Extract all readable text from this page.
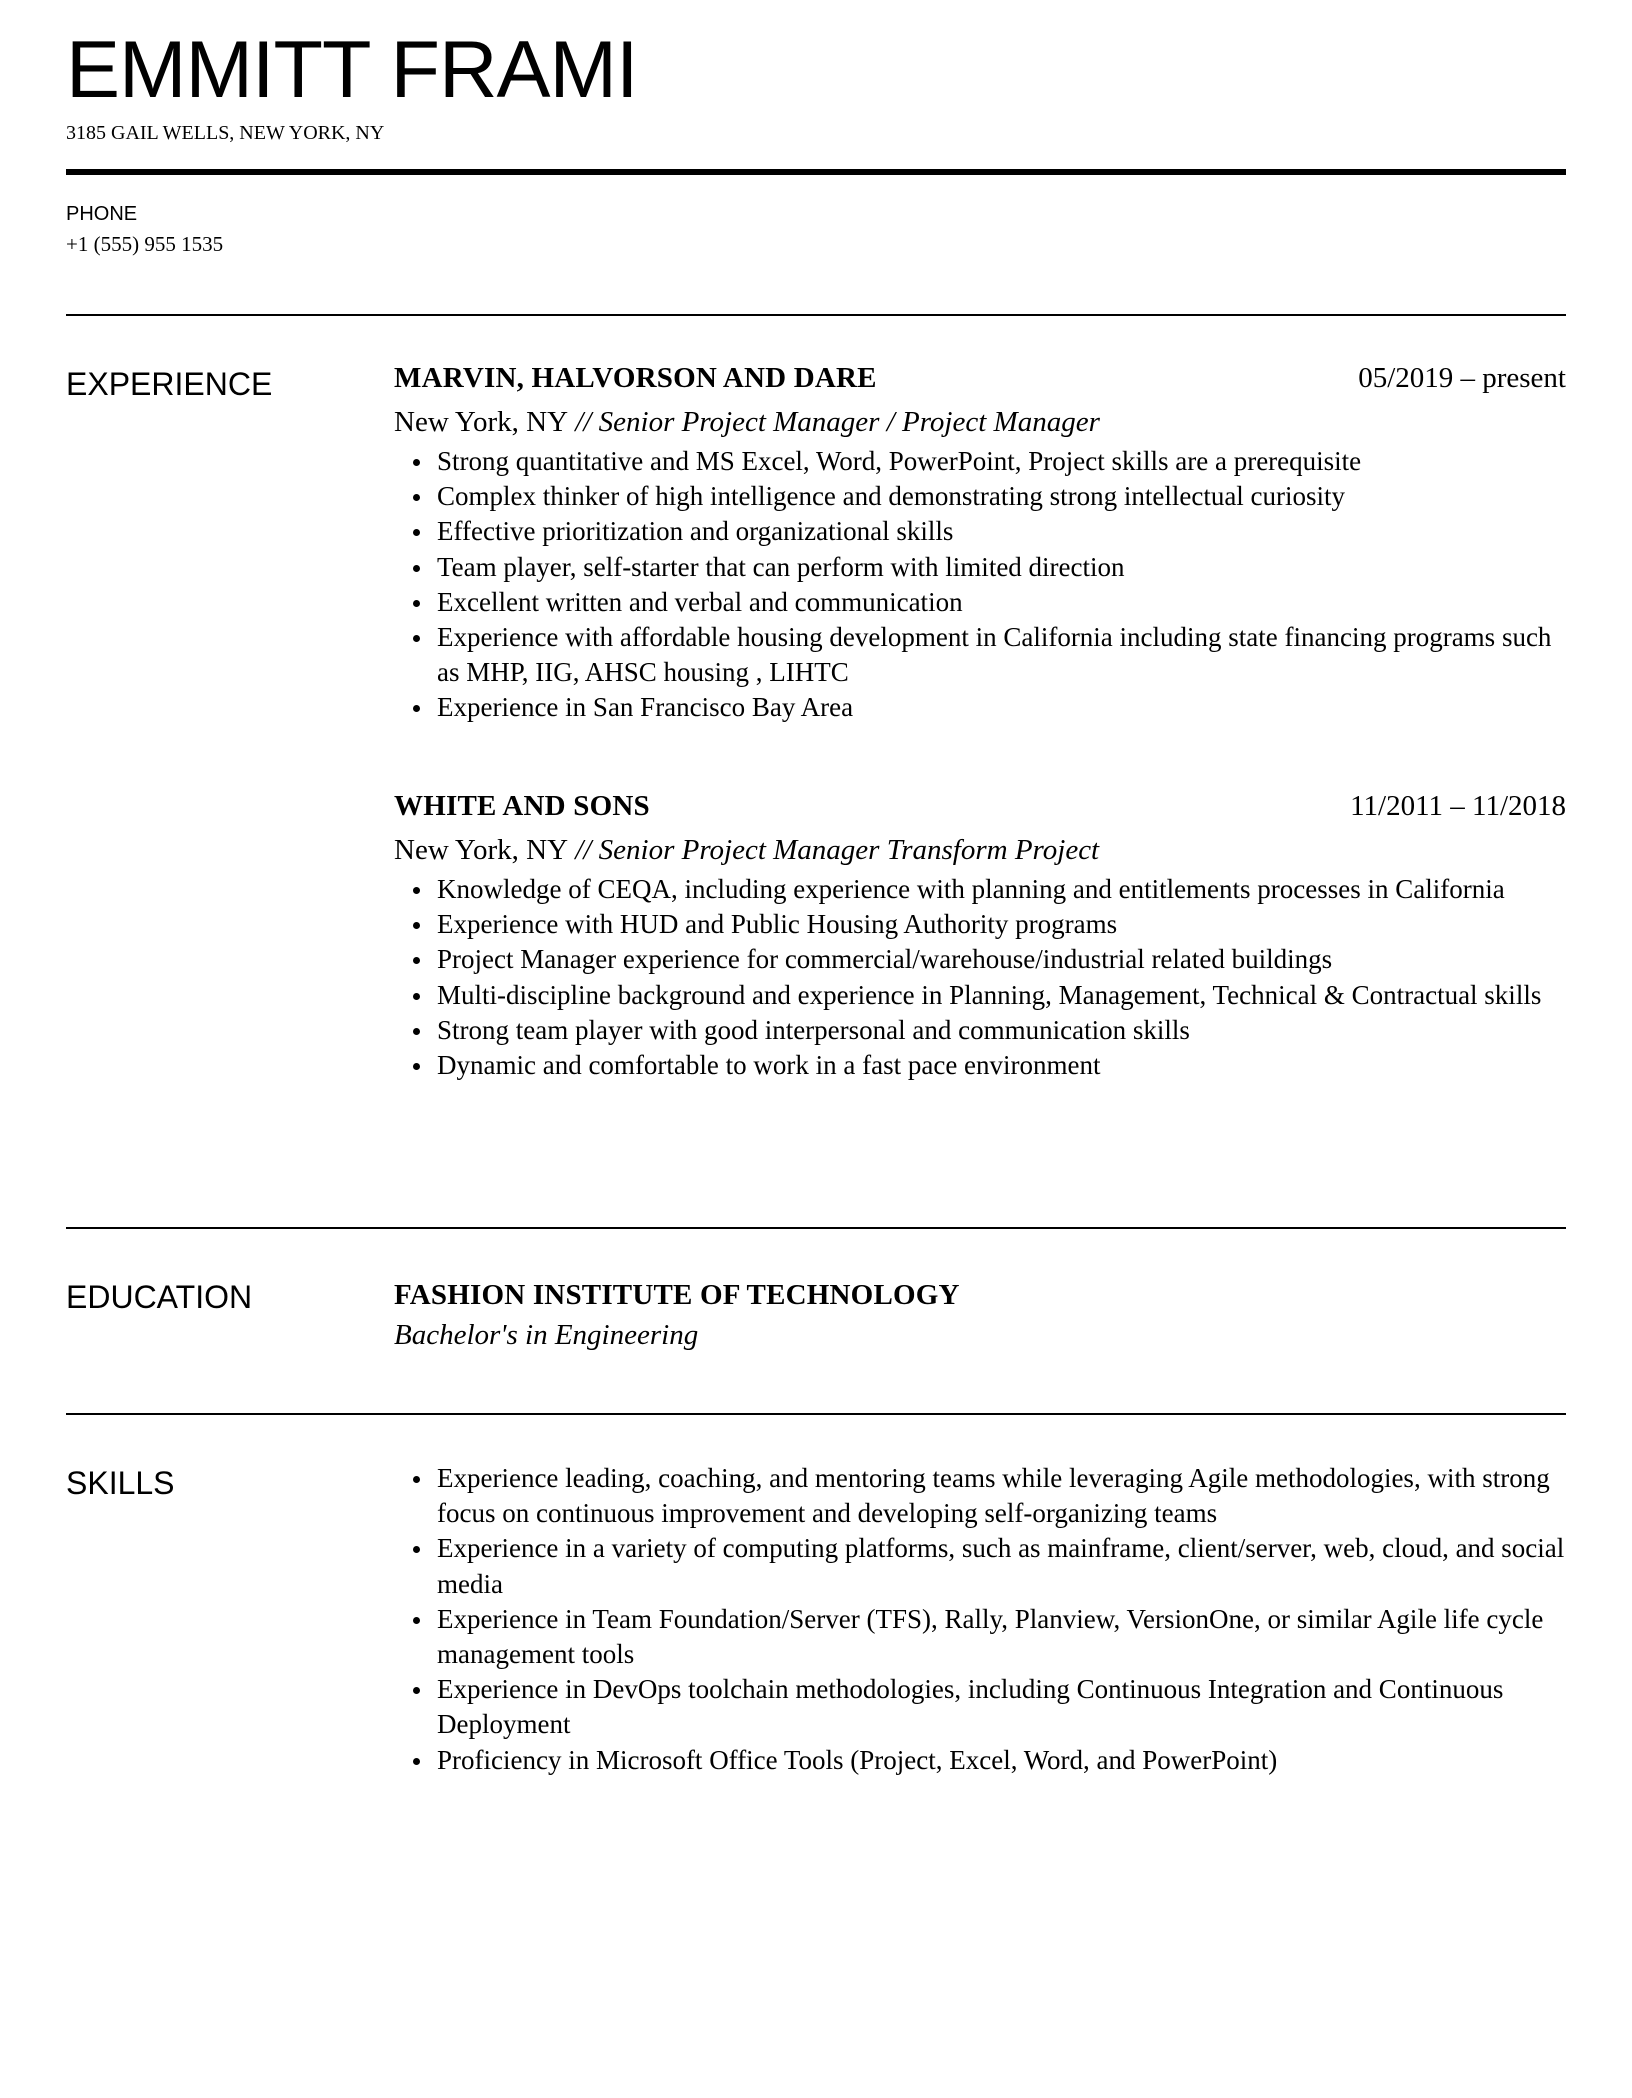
EMMITT FRAMI
3185 GAIL WELLS, NEW YORK, NY
PHONE
+1 (555) 955 1535
EXPERIENCE	MARVIN, HALVORSON AND DARE	05/2019 – present
New York, NY // Senior Project Manager / Project Manager
Strong quantitative and MS Excel, Word, PowerPoint, Project skills are a prerequisite
Complex thinker of high intelligence and demonstrating strong intellectual curiosity
Effective prioritization and organizational skills
Team player, self-starter that can perform with limited direction
Excellent written and verbal and communication
Experience with affordable housing development in California including state financing programs such as MHP, IIG, AHSC housing , LIHTC
Experience in San Francisco Bay Area
WHITE AND SONS	11/2011 – 11/2018
New York, NY // Senior Project Manager Transform Project
Knowledge of CEQA, including experience with planning and entitlements processes in California
Experience with HUD and Public Housing Authority programs
Project Manager experience for commercial/warehouse/industrial related buildings
Multi-discipline background and experience in Planning, Management, Technical & Contractual skills
Strong team player with good interpersonal and communication skills
Dynamic and comfortable to work in a fast pace environment
EDUCATION	FASHION INSTITUTE OF TECHNOLOGY
Bachelor's in Engineering
SKILLS	Experience leading, coaching, and mentoring teams while leveraging Agile methodologies, with strong focus on continuous improvement and developing self-organizing teams
Experience in a variety of computing platforms, such as mainframe, client/server, web, cloud, and social media
Experience in Team Foundation/Server (TFS), Rally, Planview, VersionOne, or similar Agile life cycle management tools
Experience in DevOps toolchain methodologies, including Continuous Integration and Continuous Deployment
Proficiency in Microsoft Office Tools (Project, Excel, Word, and PowerPoint)
